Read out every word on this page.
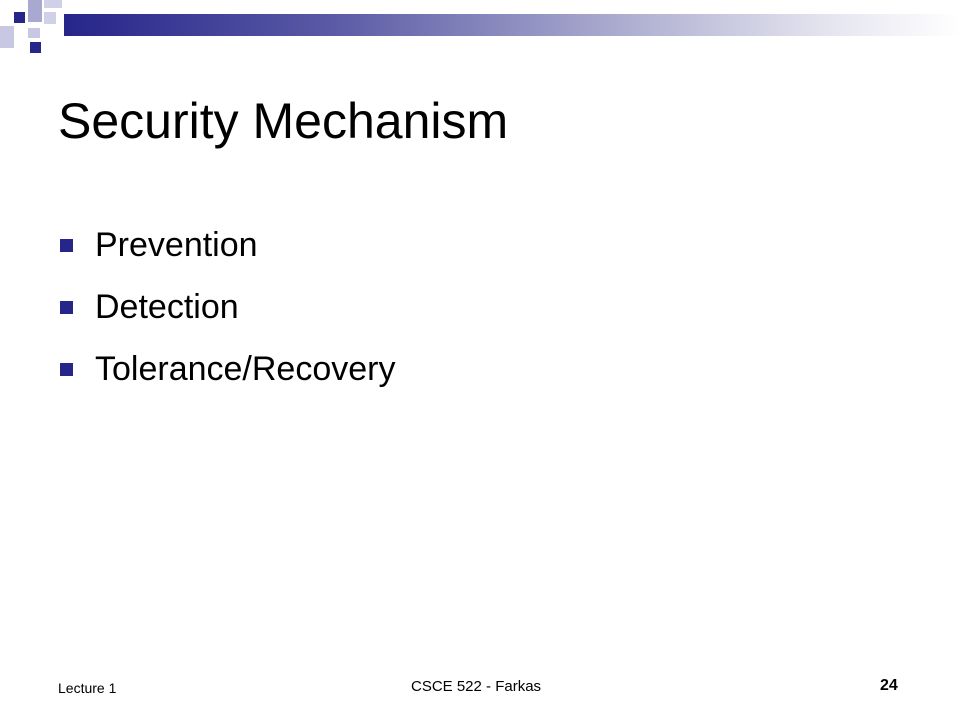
Security Mechanism
Prevention
Detection
Tolerance/Recovery
Lecture 1	CSCE 522 - Farkas	24
